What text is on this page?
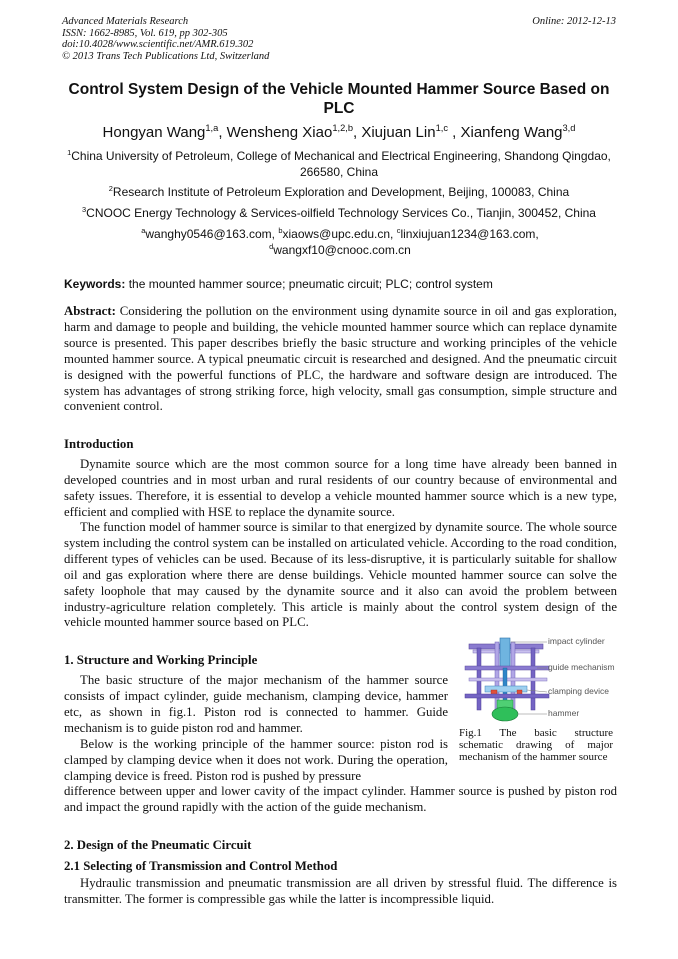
Advanced Materials Research
ISSN: 1662-8985, Vol. 619, pp 302-305
doi:10.4028/www.scientific.net/AMR.619.302
© 2013 Trans Tech Publications Ltd, Switzerland
Online: 2012-12-13
Control System Design of the Vehicle Mounted Hammer Source Based on PLC
Hongyan Wang$^{1,a}$, Wensheng Xiao$^{1,2,b}$, Xiujuan Lin$^{1,c}$ , Xianfeng Wang$^{3,d}$
$^1$China University of Petroleum, College of Mechanical and Electrical Engineering, Shandong Qingdao, 266580, China
$^2$Research Institute of Petroleum Exploration and Development, Beijing, 100083, China
$^3$CNOOC Energy Technology & Services-oilfield Technology Services Co., Tianjin, 300452, China
$^a$wanghy0546@163.com, $^b$xiaows@upc.edu.cn, $^c$linxiujuan1234@163.com,
$^d$wangxf10@cnooc.com.cn
Keywords: the mounted hammer source; pneumatic circuit; PLC; control system
Abstract: Considering the pollution on the environment using dynamite source in oil and gas exploration, harm and damage to people and building, the vehicle mounted hammer source which can replace dynamite source is presented. This paper describes briefly the basic structure and working principles of the vehicle mounted hammer source. A typical pneumatic circuit is researched and designed. And the pneumatic circuit is designed with the powerful functions of PLC, the hardware and software design are introduced. The system has advantages of strong striking force, high velocity, small gas consumption, simple structure and convenient control.
Introduction
Dynamite source which are the most common source for a long time have already been banned in developed countries and in most urban and rural residents of our country because of environmental and safety issues. Therefore, it is essential to develop a vehicle mounted hammer source which is a new type, efficient and complied with HSE to replace the dynamite source.
The function model of hammer source is similar to that energized by dynamite source. The whole source system including the control system can be installed on articulated vehicle. According to the road condition, different types of vehicles can be used. Because of its less-disruptive, it is particularly suitable for shallow oil and gas exploration where there are dense buildings. Vehicle mounted hammer source can solve the safety loophole that may caused by the dynamite source and it also can avoid the problem between industry-agriculture relation completely. This article is mainly about the control system design of the vehicle mounted hammer source based on PLC.
1. Structure and Working Principle
The basic structure of the major mechanism of the hammer source consists of impact cylinder, guide mechanism, clamping device, hammer etc, as shown in fig.1. Piston rod is connected to hammer. Guide mechanism is to guide piston rod and hammer.
Below is the working principle of the hammer source: piston rod is clamped by clamping device when it does not work. During the operation, clamping device is freed. Piston rod is pushed by pressure
difference between upper and lower cavity of the impact cylinder. Hammer source is pushed by piston rod and impact the ground rapidly with the action of the guide mechanism.
impact cylinder
guide mechanism
clamping device
hammer
Fig.1 The basic structure schematic drawing of major mechanism of the hammer source
2. Design of the Pneumatic Circuit
2.1 Selecting of Transmission and Control Method
Hydraulic transmission and pneumatic transmission are all driven by stressful fluid. The difference is transmitter. The former is compressible gas while the latter is incompressible liquid.
